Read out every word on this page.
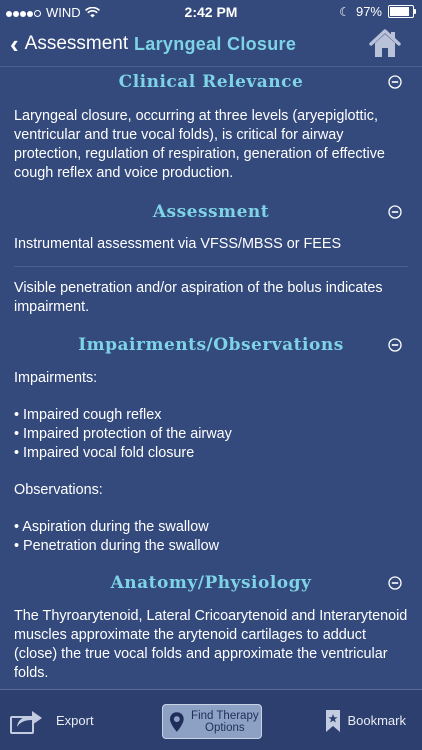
WIND	2:42 PM	☾ 97%
‹ Assessment Laryngeal Closure
Clinical Relevance

Laryngeal closure, occurring at three levels (aryepiglottic, ventricular and true vocal folds), is critical for airway protection, regulation of respiration, generation of effective cough reflex and voice production.

Assessment

Instrumental assessment via VFSS/MBSS or FEES

Visible penetration and/or aspiration of the bolus indicates impairment.

Impairments/Observations

Impairments:

• Impaired cough reflex

• Impaired protection of the airway

• Impaired vocal fold closure

Observations:

• Aspiration during the swallow

• Penetration during the swallow

Anatomy/Physiology

The Thyroarytenoid, Lateral Cricoarytenoid and Interarytenoid muscles approximate the arytenoid cartilages to adduct (close) the true vocal folds and approximate the ventricular folds.

Export	Find Therapy
Options	Bookmark
